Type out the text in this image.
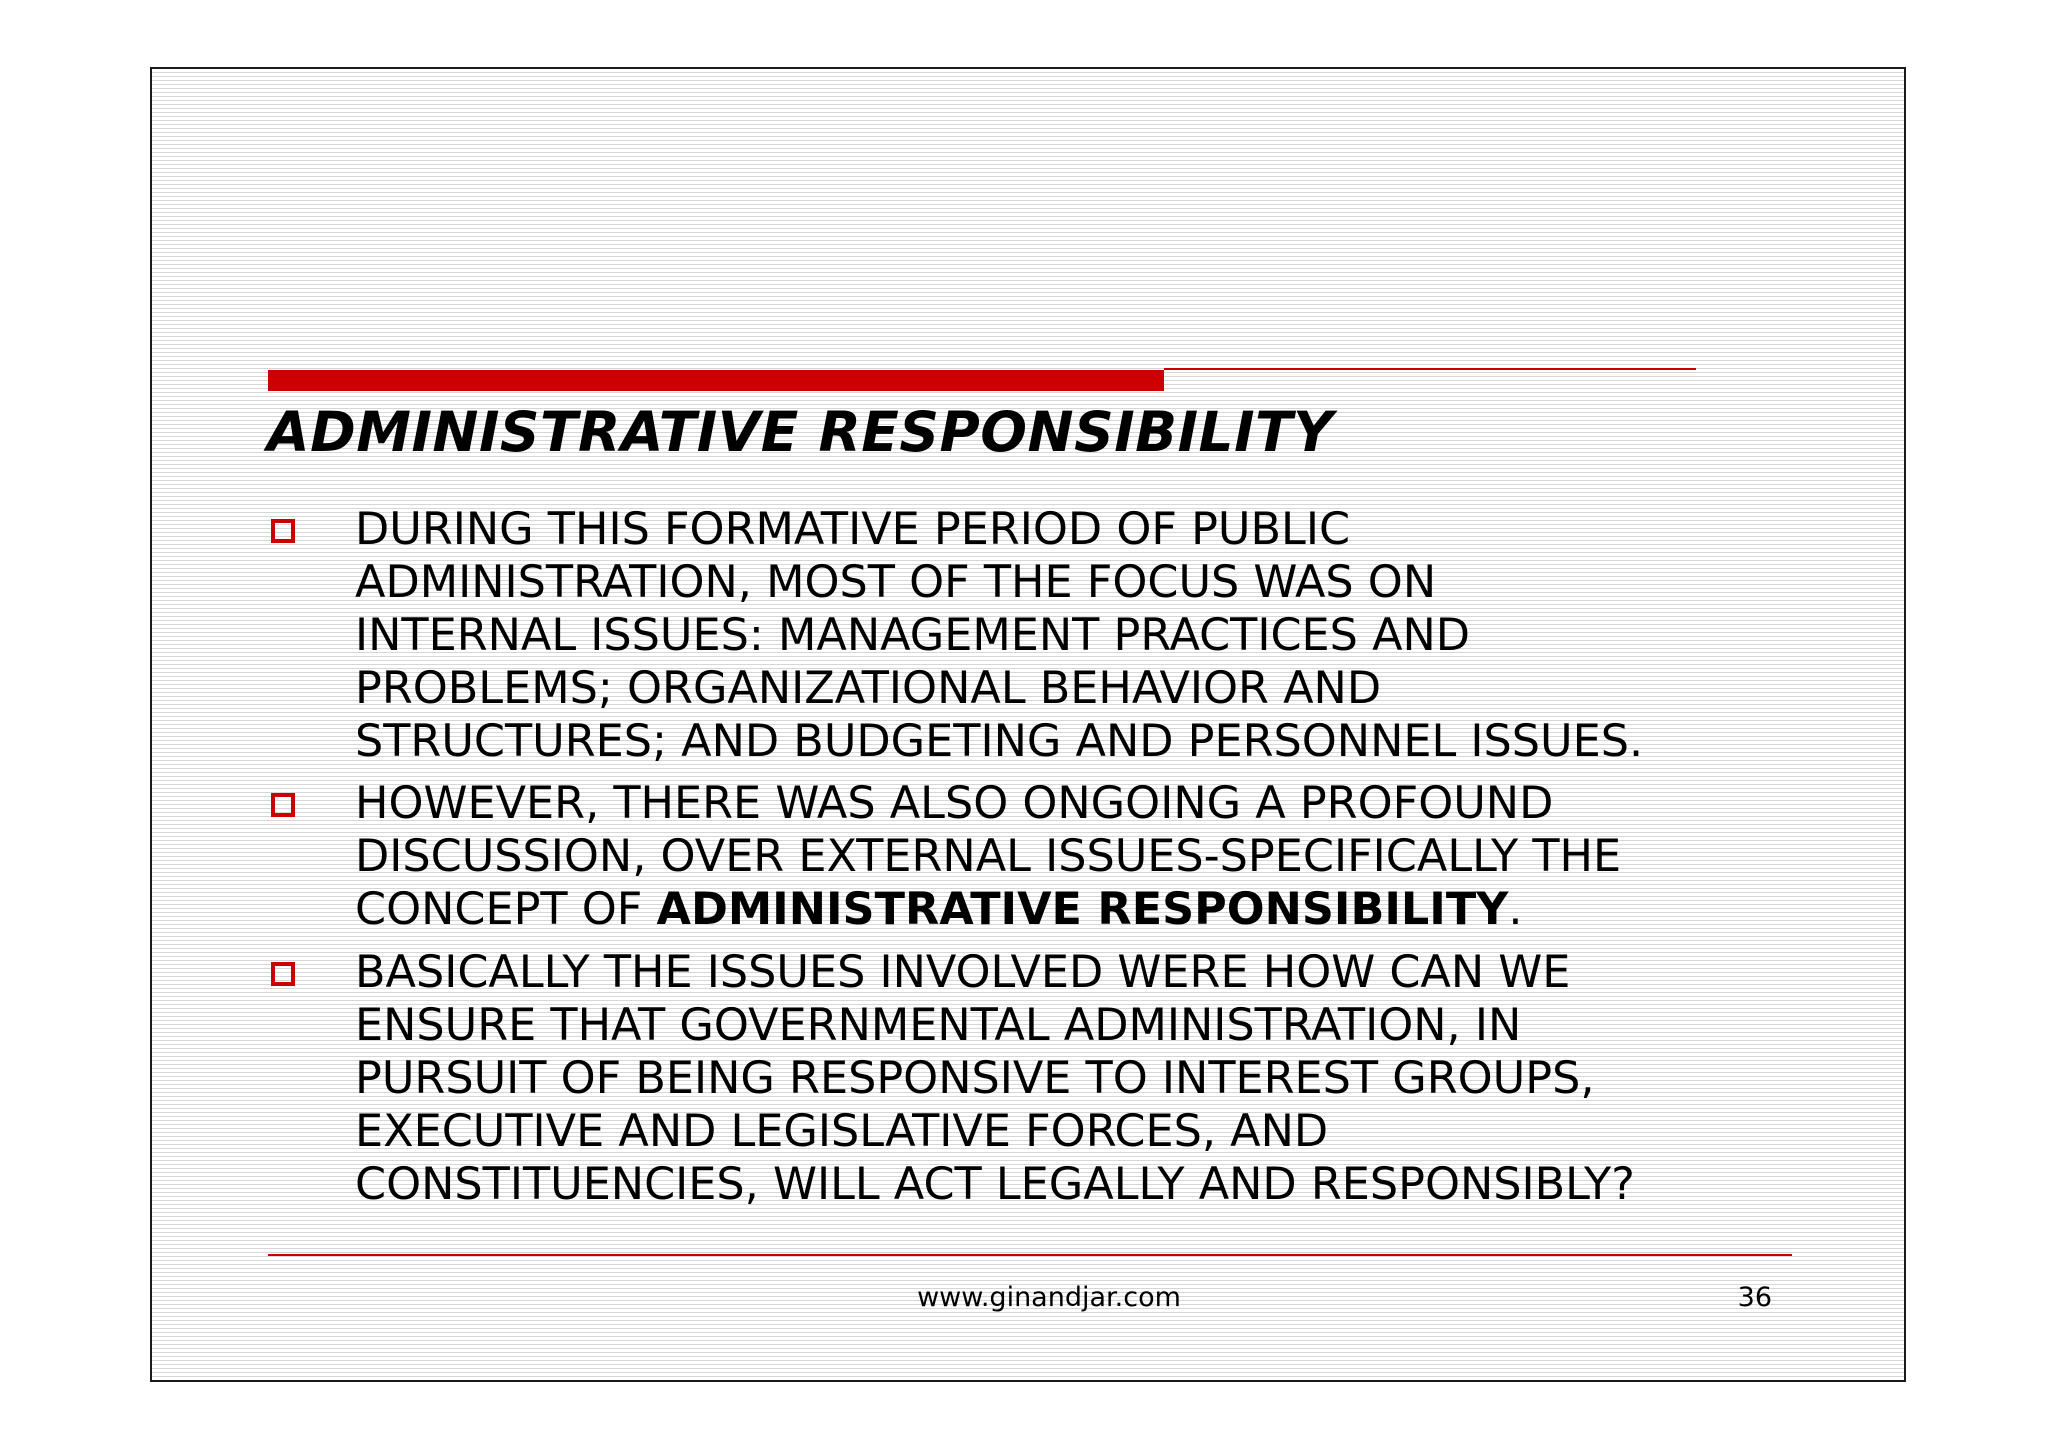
ADMINISTRATIVE RESPONSIBILITY
DURING THIS FORMATIVE PERIOD OF PUBLIC
ADMINISTRATION, MOST OF THE FOCUS WAS ON
INTERNAL ISSUES: MANAGEMENT PRACTICES AND
PROBLEMS; ORGANIZATIONAL BEHAVIOR AND
STRUCTURES; AND BUDGETING AND PERSONNEL ISSUES.
HOWEVER, THERE WAS ALSO ONGOING A PROFOUND
DISCUSSION, OVER EXTERNAL ISSUES-SPECIFICALLY THE
CONCEPT OF ADMINISTRATIVE RESPONSIBILITY.
BASICALLY THE ISSUES INVOLVED WERE HOW CAN WE
ENSURE THAT GOVERNMENTAL ADMINISTRATION, IN
PURSUIT OF BEING RESPONSIVE TO INTEREST GROUPS,
EXECUTIVE AND LEGISLATIVE FORCES, AND
CONSTITUENCIES, WILL ACT LEGALLY AND RESPONSIBLY?
www.ginandjar.com	36
